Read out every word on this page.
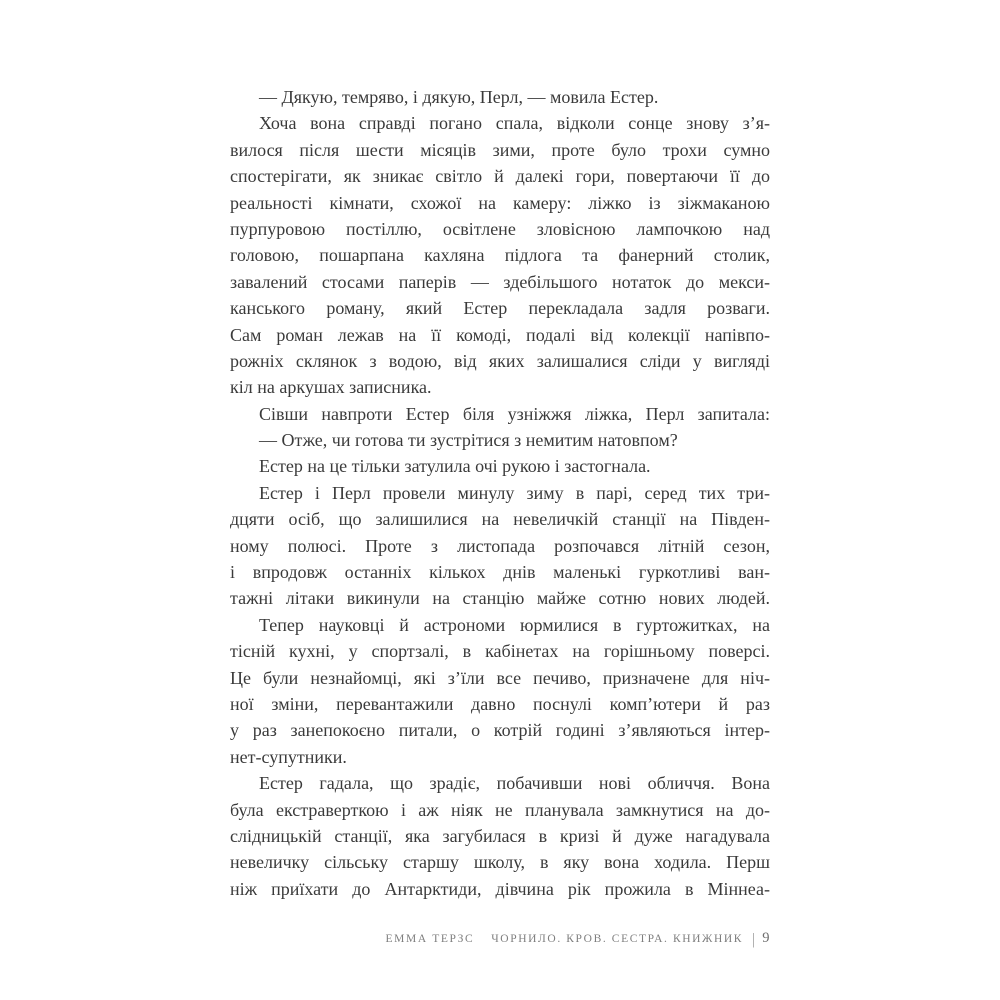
— Дякую, темряво, і дякую, Перл, — мовила Естер.
Хоча вона справді погано спала, відколи сонце знову з’я-
вилося після шести місяців зими, проте було трохи сумно
спостерігати, як зникає світло й далекі гори, повертаючи її до
реальності кімнати, схожої на камеру: ліжко із зіжмаканою
пурпуровою постіллю, освітлене зловісною лампочкою над
головою, пошарпана кахляна підлога та фанерний столик,
завалений стосами паперів — здебільшого нотаток до мекси-
канського роману, який Естер перекладала задля розваги.
Сам роман лежав на її комоді, подалі від колекції напівпо-
рожніх склянок з водою, від яких залишалися сліди у вигляді
кіл на аркушах записника.
Сівши навпроти Естер біля узніжжя ліжка, Перл запитала:
— Отже, чи готова ти зустрітися з немитим натовпом?
Естер на це тільки затулила очі рукою і застогнала.
Естер і Перл провели минулу зиму в парі, серед тих три-
дцяти осіб, що залишилися на невеличкій станції на Півден-
ному полюсі. Проте з листопада розпочався літній сезон,
і впродовж останніх кількох днів маленькі гуркотливі ван-
тажні літаки викинули на станцію майже сотню нових людей.
Тепер науковці й астрономи юрмилися в гуртожитках, на
тісній кухні, у спортзалі, в кабінетах на горішньому поверсі.
Це були незнайомці, які з’їли все печиво, призначене для ніч-
ної зміни, перевантажили давно поснулі комп’ютери й раз
у раз занепокоєно питали, о котрій годині з’являються інтер-
нет-супутники.
Естер гадала, що зрадіє, побачивши нові обличчя. Вона
була екстраверткою і аж ніяк не планувала замкнутися на до-
слідницькій станції, яка загубилася в кризі й дуже нагадувала
невеличку сільську старшу школу, в яку вона ходила. Перш
ніж приїхати до Антарктиди, дівчина рік прожила в Міннеа-
ЕММА ТЕРЗС ЧОРНИЛО. КРОВ. СЕСТРА. КНИЖНИК | 9
